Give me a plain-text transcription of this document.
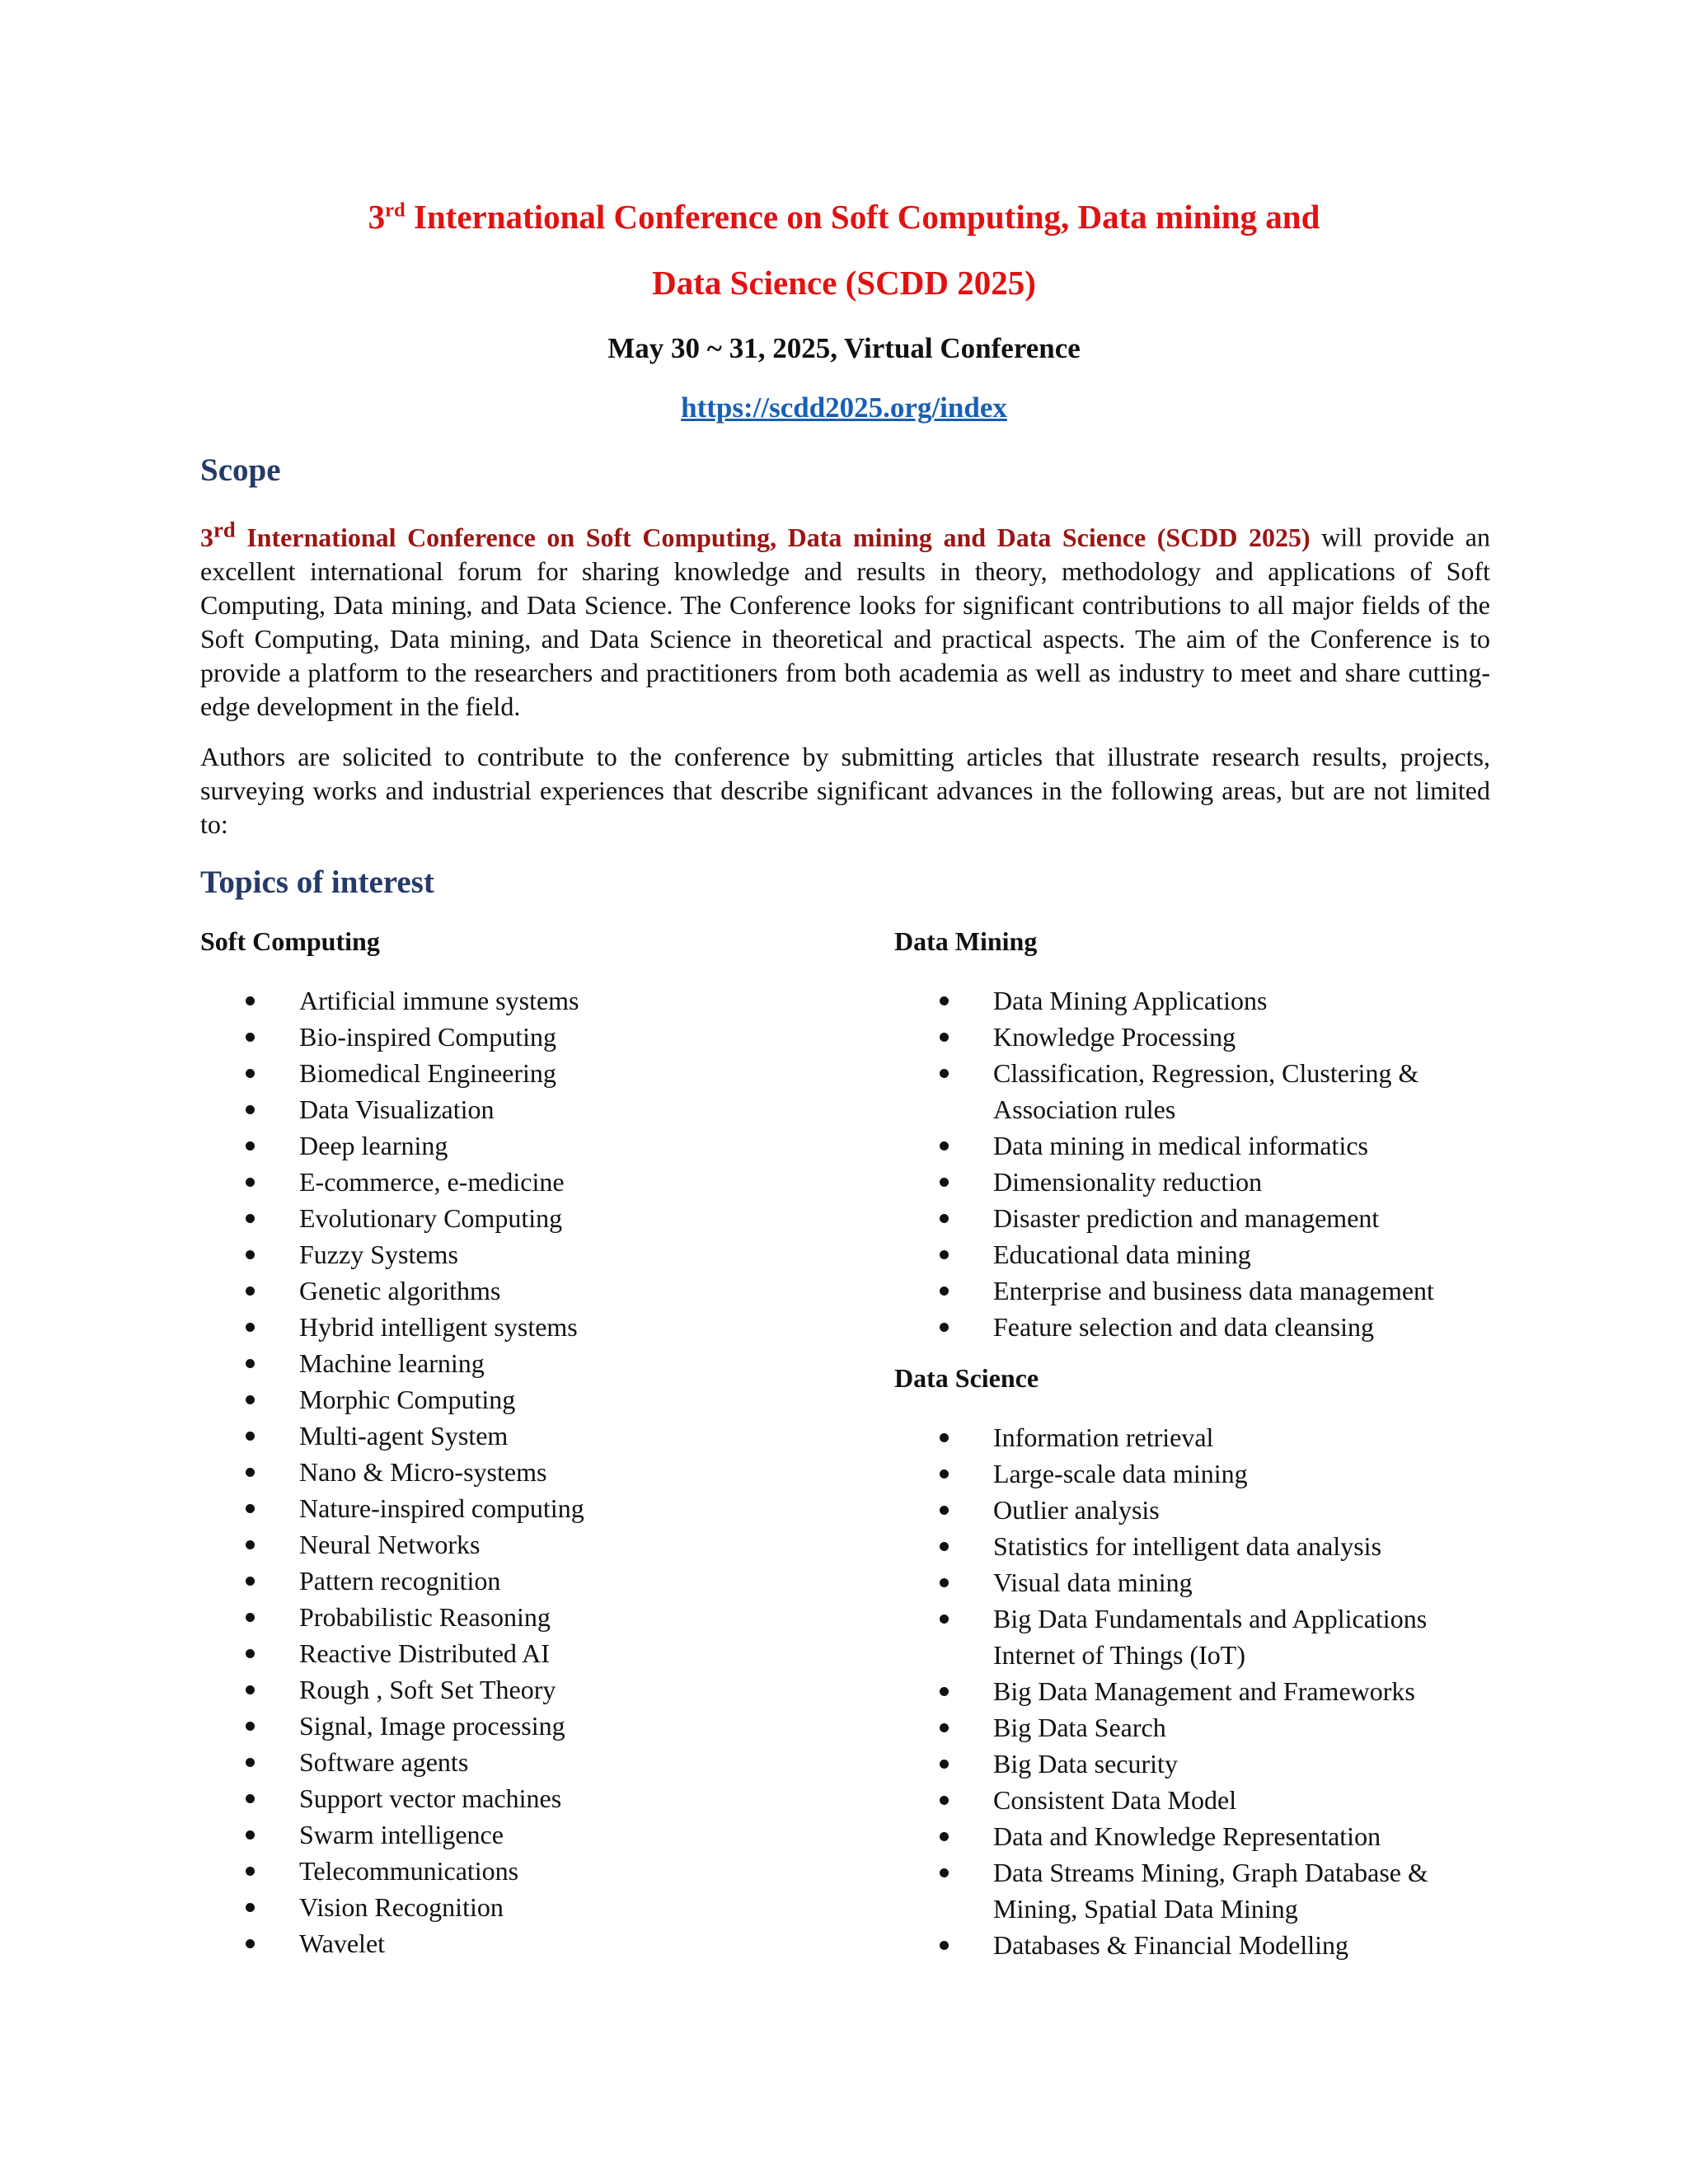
3rd International Conference on Soft Computing, Data mining and
Data Science (SCDD 2025)
May 30 ~ 31, 2025, Virtual Conference
https://scdd2025.org/index
Scope
3rd International Conference on Soft Computing, Data mining and Data Science (SCDD 2025) will provide an excellent international forum for sharing knowledge and results in theory, methodology and applications of Soft Computing, Data mining, and Data Science. The Conference looks for significant contributions to all major fields of the Soft Computing, Data mining, and Data Science in theoretical and practical aspects. The aim of the Conference is to provide a platform to the researchers and practitioners from both academia as well as industry to meet and share cutting-edge development in the field.
Authors are solicited to contribute to the conference by submitting articles that illustrate research results, projects, surveying works and industrial experiences that describe significant advances in the following areas, but are not limited to:
Topics of interest
Soft Computing
Artificial immune systems
Bio-inspired Computing
Biomedical Engineering
Data Visualization
Deep learning
E-commerce, e-medicine
Evolutionary Computing
Fuzzy Systems
Genetic algorithms
Hybrid intelligent systems
Machine learning
Morphic Computing
Multi-agent System
Nano & Micro-systems
Nature-inspired computing
Neural Networks
Pattern recognition
Probabilistic Reasoning
Reactive Distributed AI
Rough , Soft Set Theory
Signal, Image processing
Software agents
Support vector machines
Swarm intelligence
Telecommunications
Vision Recognition
Wavelet
Data Mining
Data Mining Applications
Knowledge Processing
Classification, Regression, Clustering &
Association rules
Data mining in medical informatics
Dimensionality reduction
Disaster prediction and management
Educational data mining
Enterprise and business data management
Feature selection and data cleansing
Data Science
Information retrieval
Large-scale data mining
Outlier analysis
Statistics for intelligent data analysis
Visual data mining
Big Data Fundamentals and Applications
Internet of Things (IoT)
Big Data Management and Frameworks
Big Data Search
Big Data security
Consistent Data Model
Data and Knowledge Representation
Data Streams Mining, Graph Database &
Mining, Spatial Data Mining
Databases & Financial Modelling
